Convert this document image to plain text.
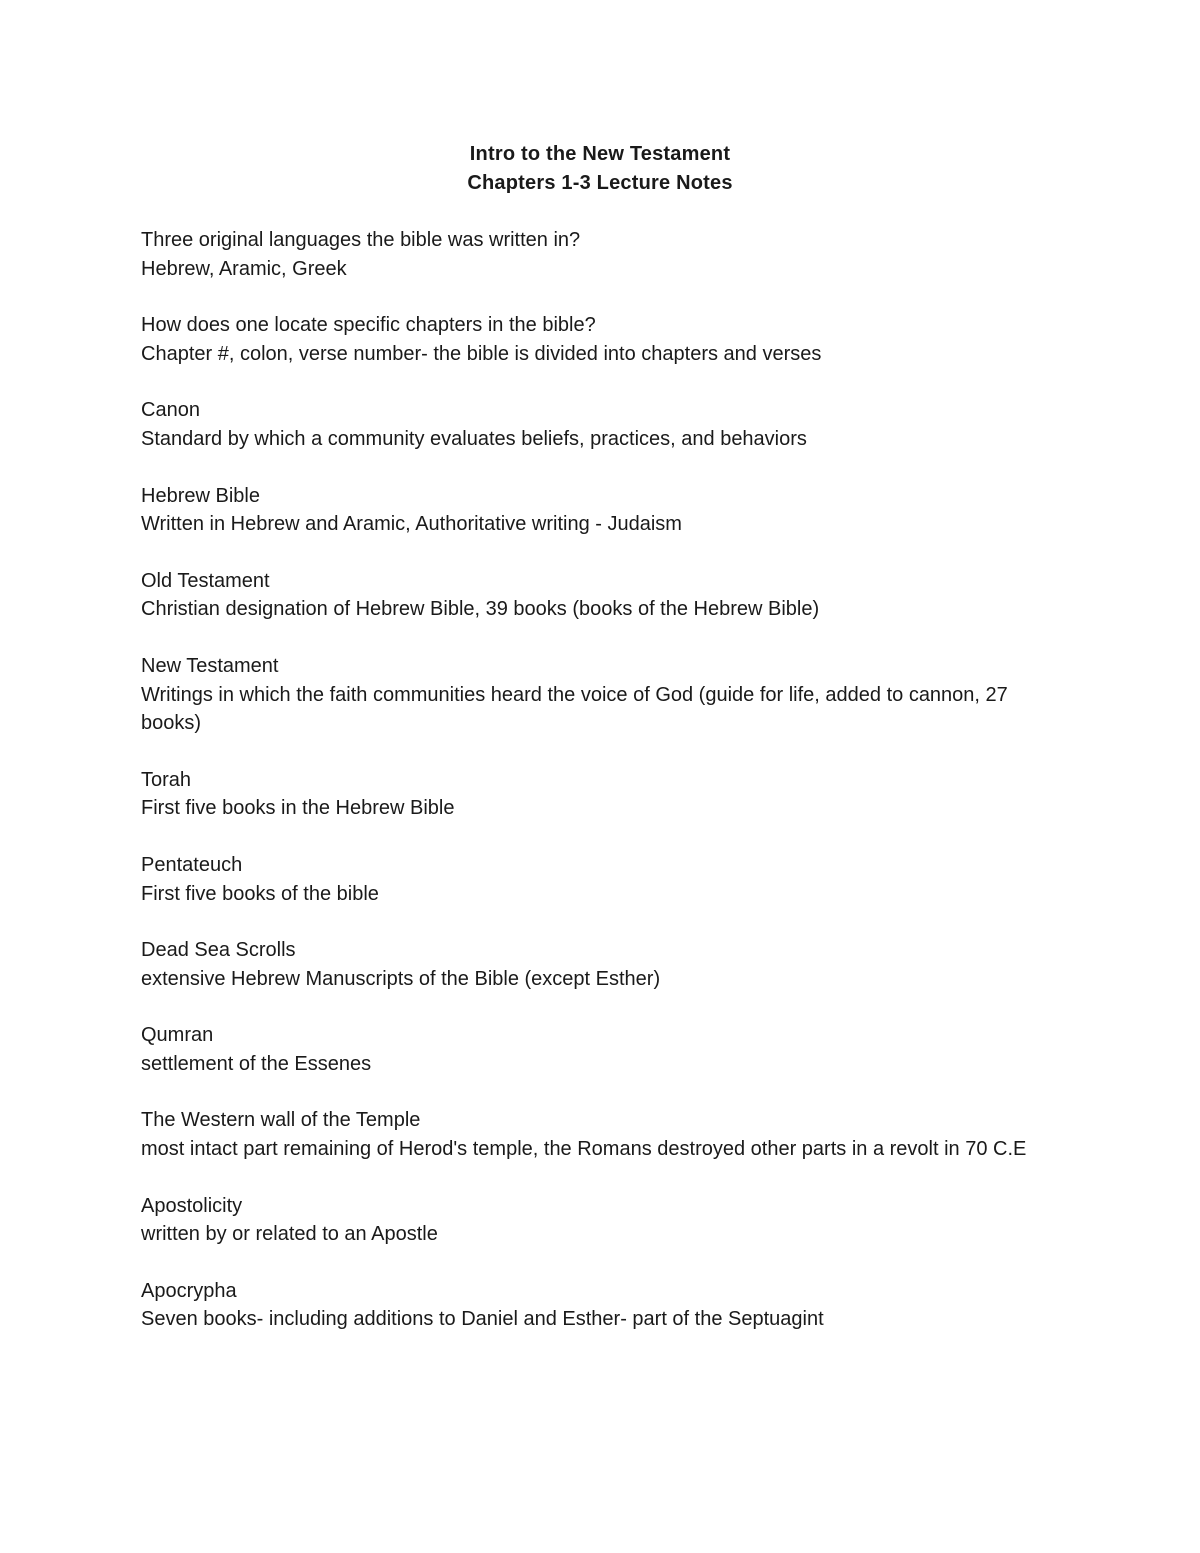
Intro to the New Testament
Chapters 1-3 Lecture Notes
Three original languages the bible was written in?
Hebrew, Aramic, Greek
How does one locate specific chapters in the bible?
Chapter #, colon, verse number- the bible is divided into chapters and verses
Canon
Standard by which a community evaluates beliefs, practices, and behaviors
Hebrew Bible
Written in Hebrew and Aramic, Authoritative writing - Judaism
Old Testament
Christian designation of Hebrew Bible, 39 books (books of the Hebrew Bible)
New Testament
Writings in which the faith communities heard the voice of God (guide for life, added to cannon, 27 books)
Torah
First five books in the Hebrew Bible
Pentateuch
First five books of the bible
Dead Sea Scrolls
extensive Hebrew Manuscripts of the Bible (except Esther)
Qumran
settlement of the Essenes
The Western wall of the Temple
most intact part remaining of Herod's temple, the Romans destroyed other parts in a revolt in 70 C.E
Apostolicity
written by or related to an Apostle
Apocrypha
Seven books- including additions to Daniel and Esther- part of the Septuagint
